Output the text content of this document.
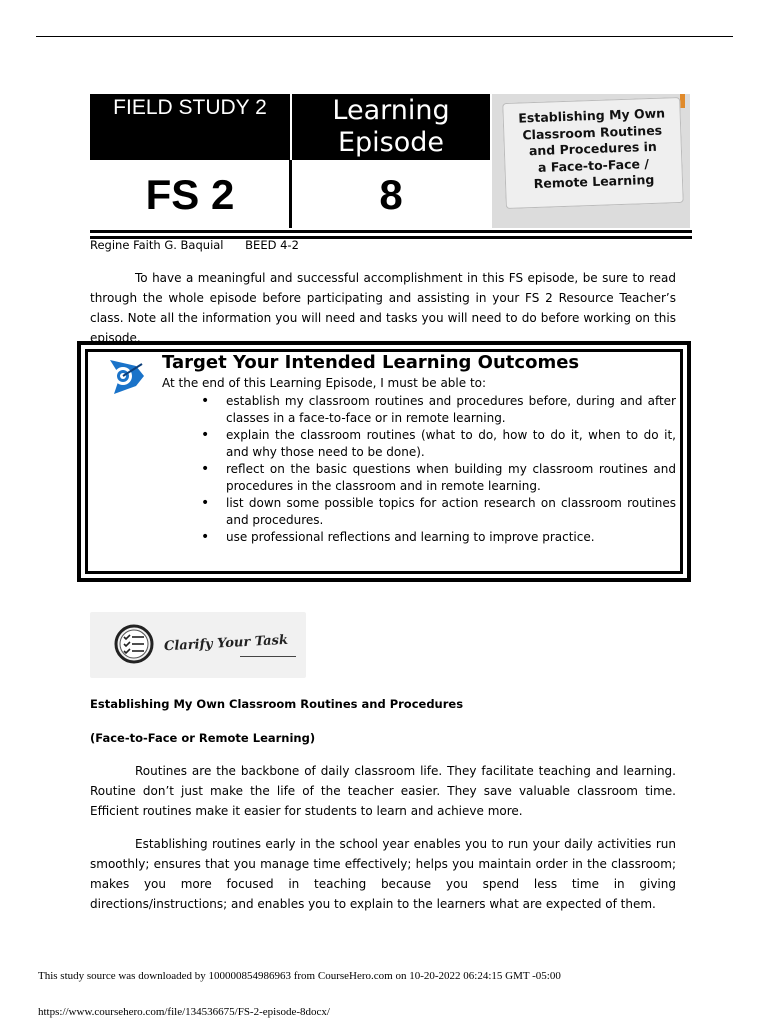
FIELD STUDY 2	Learning
Episode
FS 2	8
Establishing My Own
Classroom Routines
and Procedures in
a Face-to-Face /
Remote Learning
Regine Faith G. Baquial BEED 4-2
To have a meaningful and successful accomplishment in this FS episode, be sure to read through the whole episode before participating and assisting in your FS 2 Resource Teacher’s class. Note all the information you will need and tasks you will need to do before working on this episode.
Target Your Intended Learning Outcomes
At the end of this Learning Episode, I must be able to:
• establish my classroom routines and procedures before, during and after classes in a face-to-face or in remote learning.
• explain the classroom routines (what to do, how to do it, when to do it, and why those need to be done).
• reflect on the basic questions when building my classroom routines and procedures in the classroom and in remote learning.
• list down some possible topics for action research on classroom routines and procedures.
• use professional reflections and learning to improve practice.
Clarify Your Task
Establishing My Own Classroom Routines and Procedures
(Face-to-Face or Remote Learning)
Routines are the backbone of daily classroom life. They facilitate teaching and learning. Routine don’t just make the life of the teacher easier. They save valuable classroom time. Efficient routines make it easier for students to learn and achieve more.
Establishing routines early in the school year enables you to run your daily activities run smoothly; ensures that you manage time effectively; helps you maintain order in the classroom; makes you more focused in teaching because you spend less time in giving directions/instructions; and enables you to explain to the learners what are expected of them.
This study source was downloaded by 100000854986963 from CourseHero.com on 10-20-2022 06:24:15 GMT -05:00
https://www.coursehero.com/file/134536675/FS-2-episode-8docx/
